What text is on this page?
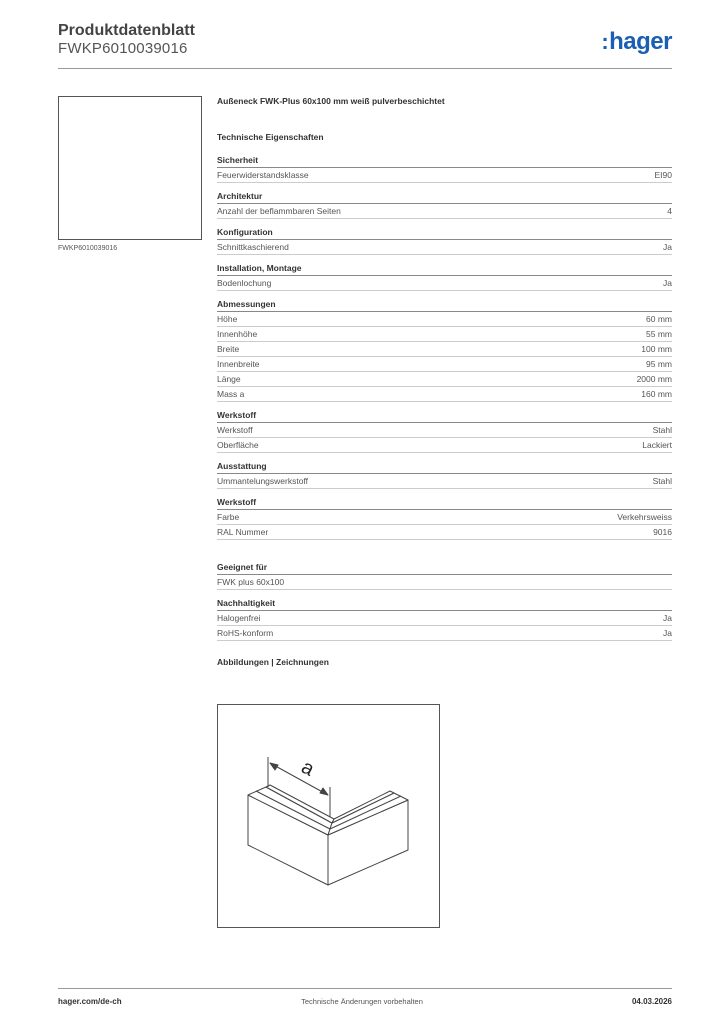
Produktdatenblatt
FWKP6010039016	:hager
FWKP6010039016
Außeneck FWK-Plus 60x100 mm weiß pulverbeschichtet
Technische Eigenschaften
Sicherheit
Feuerwiderstandsklasse	EI90
Architektur
Anzahl der beflammbaren Seiten	4
Konfiguration
Schnittkaschierend	Ja
Installation, Montage
Bodenlochung	Ja
Abmessungen
Höhe	60 mm
Innenhöhe	55 mm
Breite	100 mm
Innenbreite	95 mm
Länge	2000 mm
Mass a	160 mm
Werkstoff
Werkstoff	Stahl
Oberfläche	Lackiert
Ausstattung
Ummantelungswerkstoff	Stahl
Werkstoff
Farbe	Verkehrsweiss
RAL Nummer	9016
Geeignet für
FWK plus 60x100
Nachhaltigkeit
Halogenfrei	Ja
RoHS-konform	Ja
Abbildungen | Zeichnungen
a
hager.com/de-ch	Technische Änderungen vorbehalten	04.03.2026
